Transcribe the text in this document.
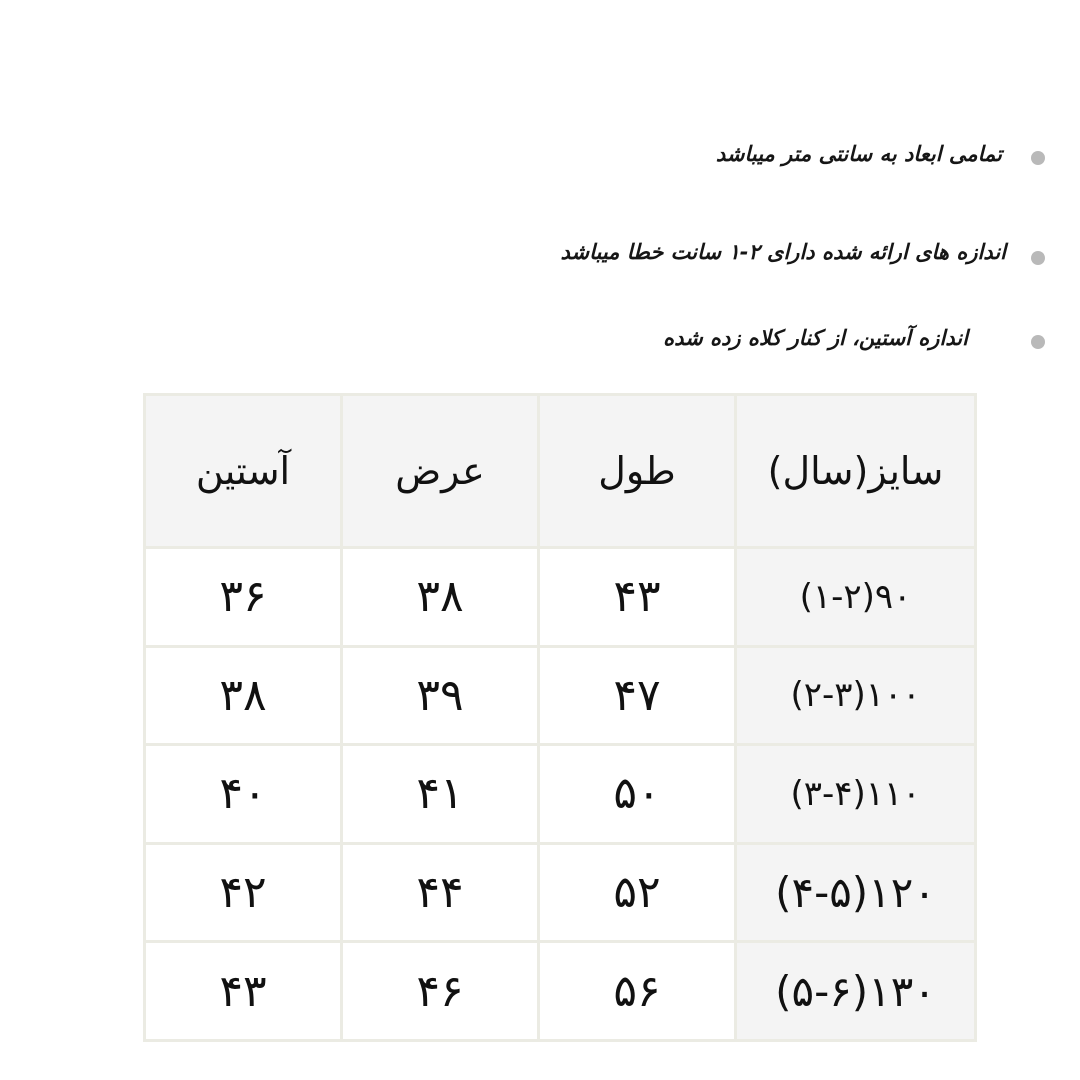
تمامی ابعاد به سانتی متر میباشد
اندازه های ارائه شده دارای ۲-۱ سانت خطا میباشد
اندازه آستین، از کنار کلاه زده شده
سایز(سال)	طول	عرض	آستین
۹۰(۱-۲)	۴۳	۳۸	۳۶
۱۰۰(۲-۳)	۴۷	۳۹	۳۸
۱۱۰(۳-۴)	۵۰	۴۱	۴۰
۱۲۰(۴-۵)	۵۲	۴۴	۴۲
۱۳۰(۵-۶)	۵۶	۴۶	۴۳
